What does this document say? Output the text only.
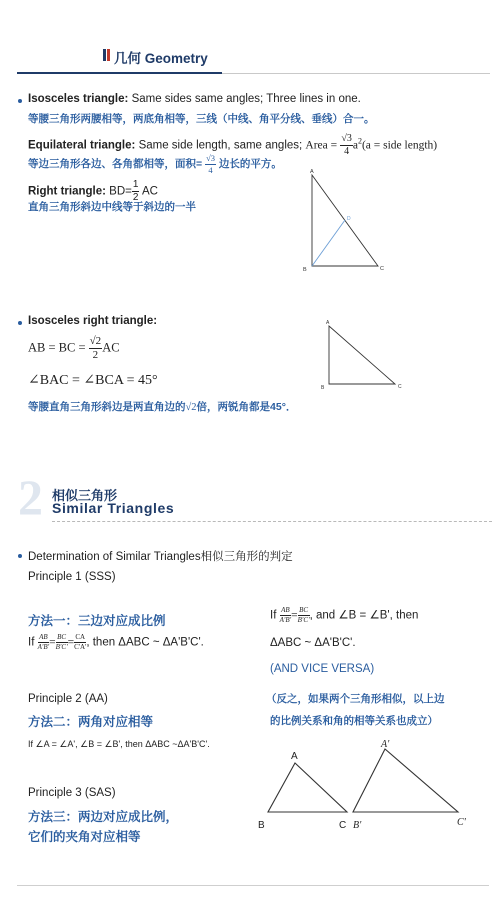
几何 Geometry
Isosceles triangle: Same sides same angles; Three lines in one.
等腰三角形两腰相等，两底角相等，三线（中线、角平分线、垂线）合一。
Equilateral triangle: Same side length, same angles; Area = $\frac{√3}{4} a^2(a$ = side length)
等边三角形各边、各角都相等，面积= $\frac{√3}{4}$ 边长的平方。
Right triangle: $BD= \frac{1}{2}$ AC
直角三角形斜边中线等于斜边的一半
A
B	C
D
Isosceles right triangle:
AB = BC = $\frac{√2}{2}$ AC
∠BAC = ∠BCA = 45°
等腰直角三角形斜边是两直角边的√2倍，两锐角都是45°．
A
B	C
2 相似三角形
Similar Triangles
Determination of Similar Triangles相似三角形的判定
Principle 1 (SSS)
方法一：三边对应成比例
If $\frac{AB}{A'B'} = \frac{BC}{B'C'} = \frac{CA}{C'A'}$ , then ΔABC ~ ΔA'B'C'.
If $\frac{AB}{A'B'} = \frac{BC}{B'C'}$ , and ∠B = ∠B', then
ΔABC ~ ΔA'B'C'.
(AND VICE VERSA)
（反之，如果两个三角形相似，以上边
的比例关系和角的相等关系也成立）
Principle 2 (AA)
方法二：两角对应相等
If ∠A = ∠A', ∠B = ∠B', then ΔABC ~ΔA'B'C'.
Principle 3 (SAS)
方法三：两边对应成比例，
它们的夹角对应相等
A
B	C
A'
B'	C'
